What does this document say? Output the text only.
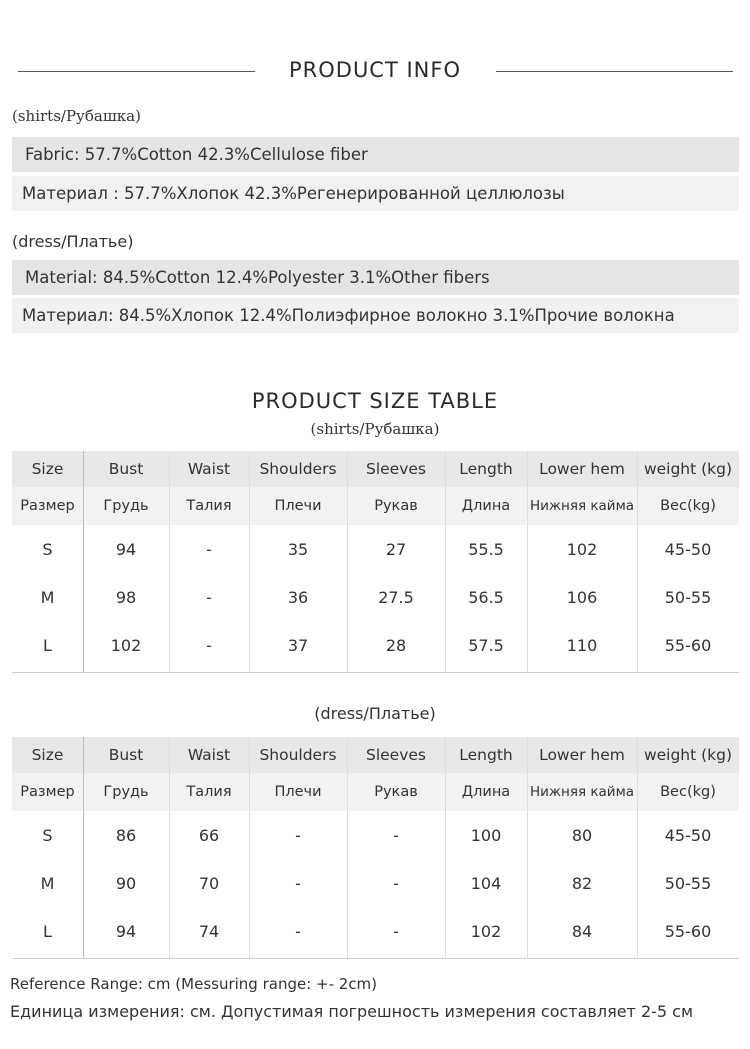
PRODUCT INFO
(shirts/Рубашка)
Fabric: 57.7%Cotton 42.3%Cellulose fiber
Материал : 57.7%Хлопок 42.3%Регенерированной целлюлозы
(dress/Платье)
Material: 84.5%Cotton 12.4%Polyester 3.1%Other fibers
Материал: 84.5%Хлопок 12.4%Полиэфирное волокно 3.1%Прочие волокна
PRODUCT SIZE TABLE
(shirts/Рубашка)
Size	Bust	Waist	Shoulders	Sleeves	Length	Lower hem	weight (kg)
Размер	Грудь	Талия	Плечи	Рукав	Длина	Нижняя кайма	Вес(kg)
S	94	-	35	27	55.5	102	45-50
M	98	-	36	27.5	56.5	106	50-55
L	102	-	37	28	57.5	110	55-60
(dress/Платье)
Size	Bust	Waist	Shoulders	Sleeves	Length	Lower hem	weight (kg)
Размер	Грудь	Талия	Плечи	Рукав	Длина	Нижняя кайма	Вес(kg)
S	86	66	-	-	100	80	45-50
M	90	70	-	-	104	82	50-55
L	94	74	-	-	102	84	55-60
Reference Range: cm (Messuring range: +- 2cm)
Единица измерения: см. Допустимая погрешность измерения составляет 2-5 см
